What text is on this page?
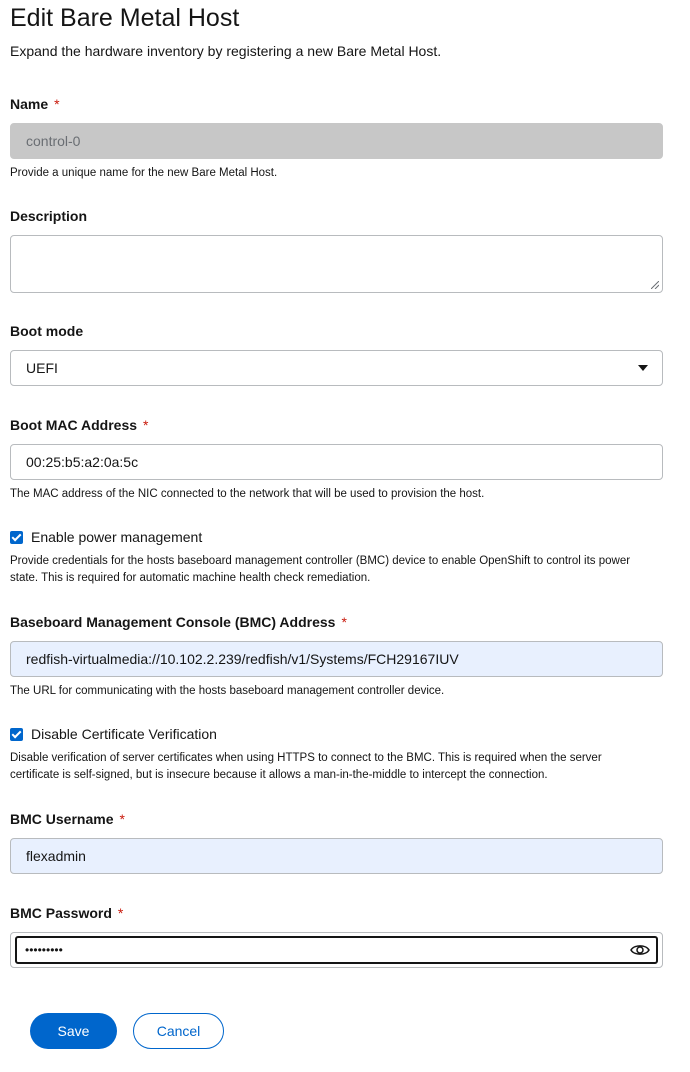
Edit Bare Metal Host
Expand the hardware inventory by registering a new Bare Metal Host.
Name *
control-0
Provide a unique name for the new Bare Metal Host.
Description
Boot mode
UEFI
Boot MAC Address *
00:25:b5:a2:0a:5c
The MAC address of the NIC connected to the network that will be used to provision the host.
Enable power management
Provide credentials for the hosts baseboard management controller (BMC) device to enable OpenShift to control its power state. This is required for automatic machine health check remediation.
Baseboard Management Console (BMC) Address *
redfish-virtualmedia://10.102.2.239/redfish/v1/Systems/FCH29167IUV
The URL for communicating with the hosts baseboard management controller device.
Disable Certificate Verification
Disable verification of server certificates when using HTTPS to connect to the BMC. This is required when the server certificate is self-signed, but is insecure because it allows a man-in-the-middle to intercept the connection.
BMC Username *
flexadmin
BMC Password *
•••••••••
Save	Cancel
